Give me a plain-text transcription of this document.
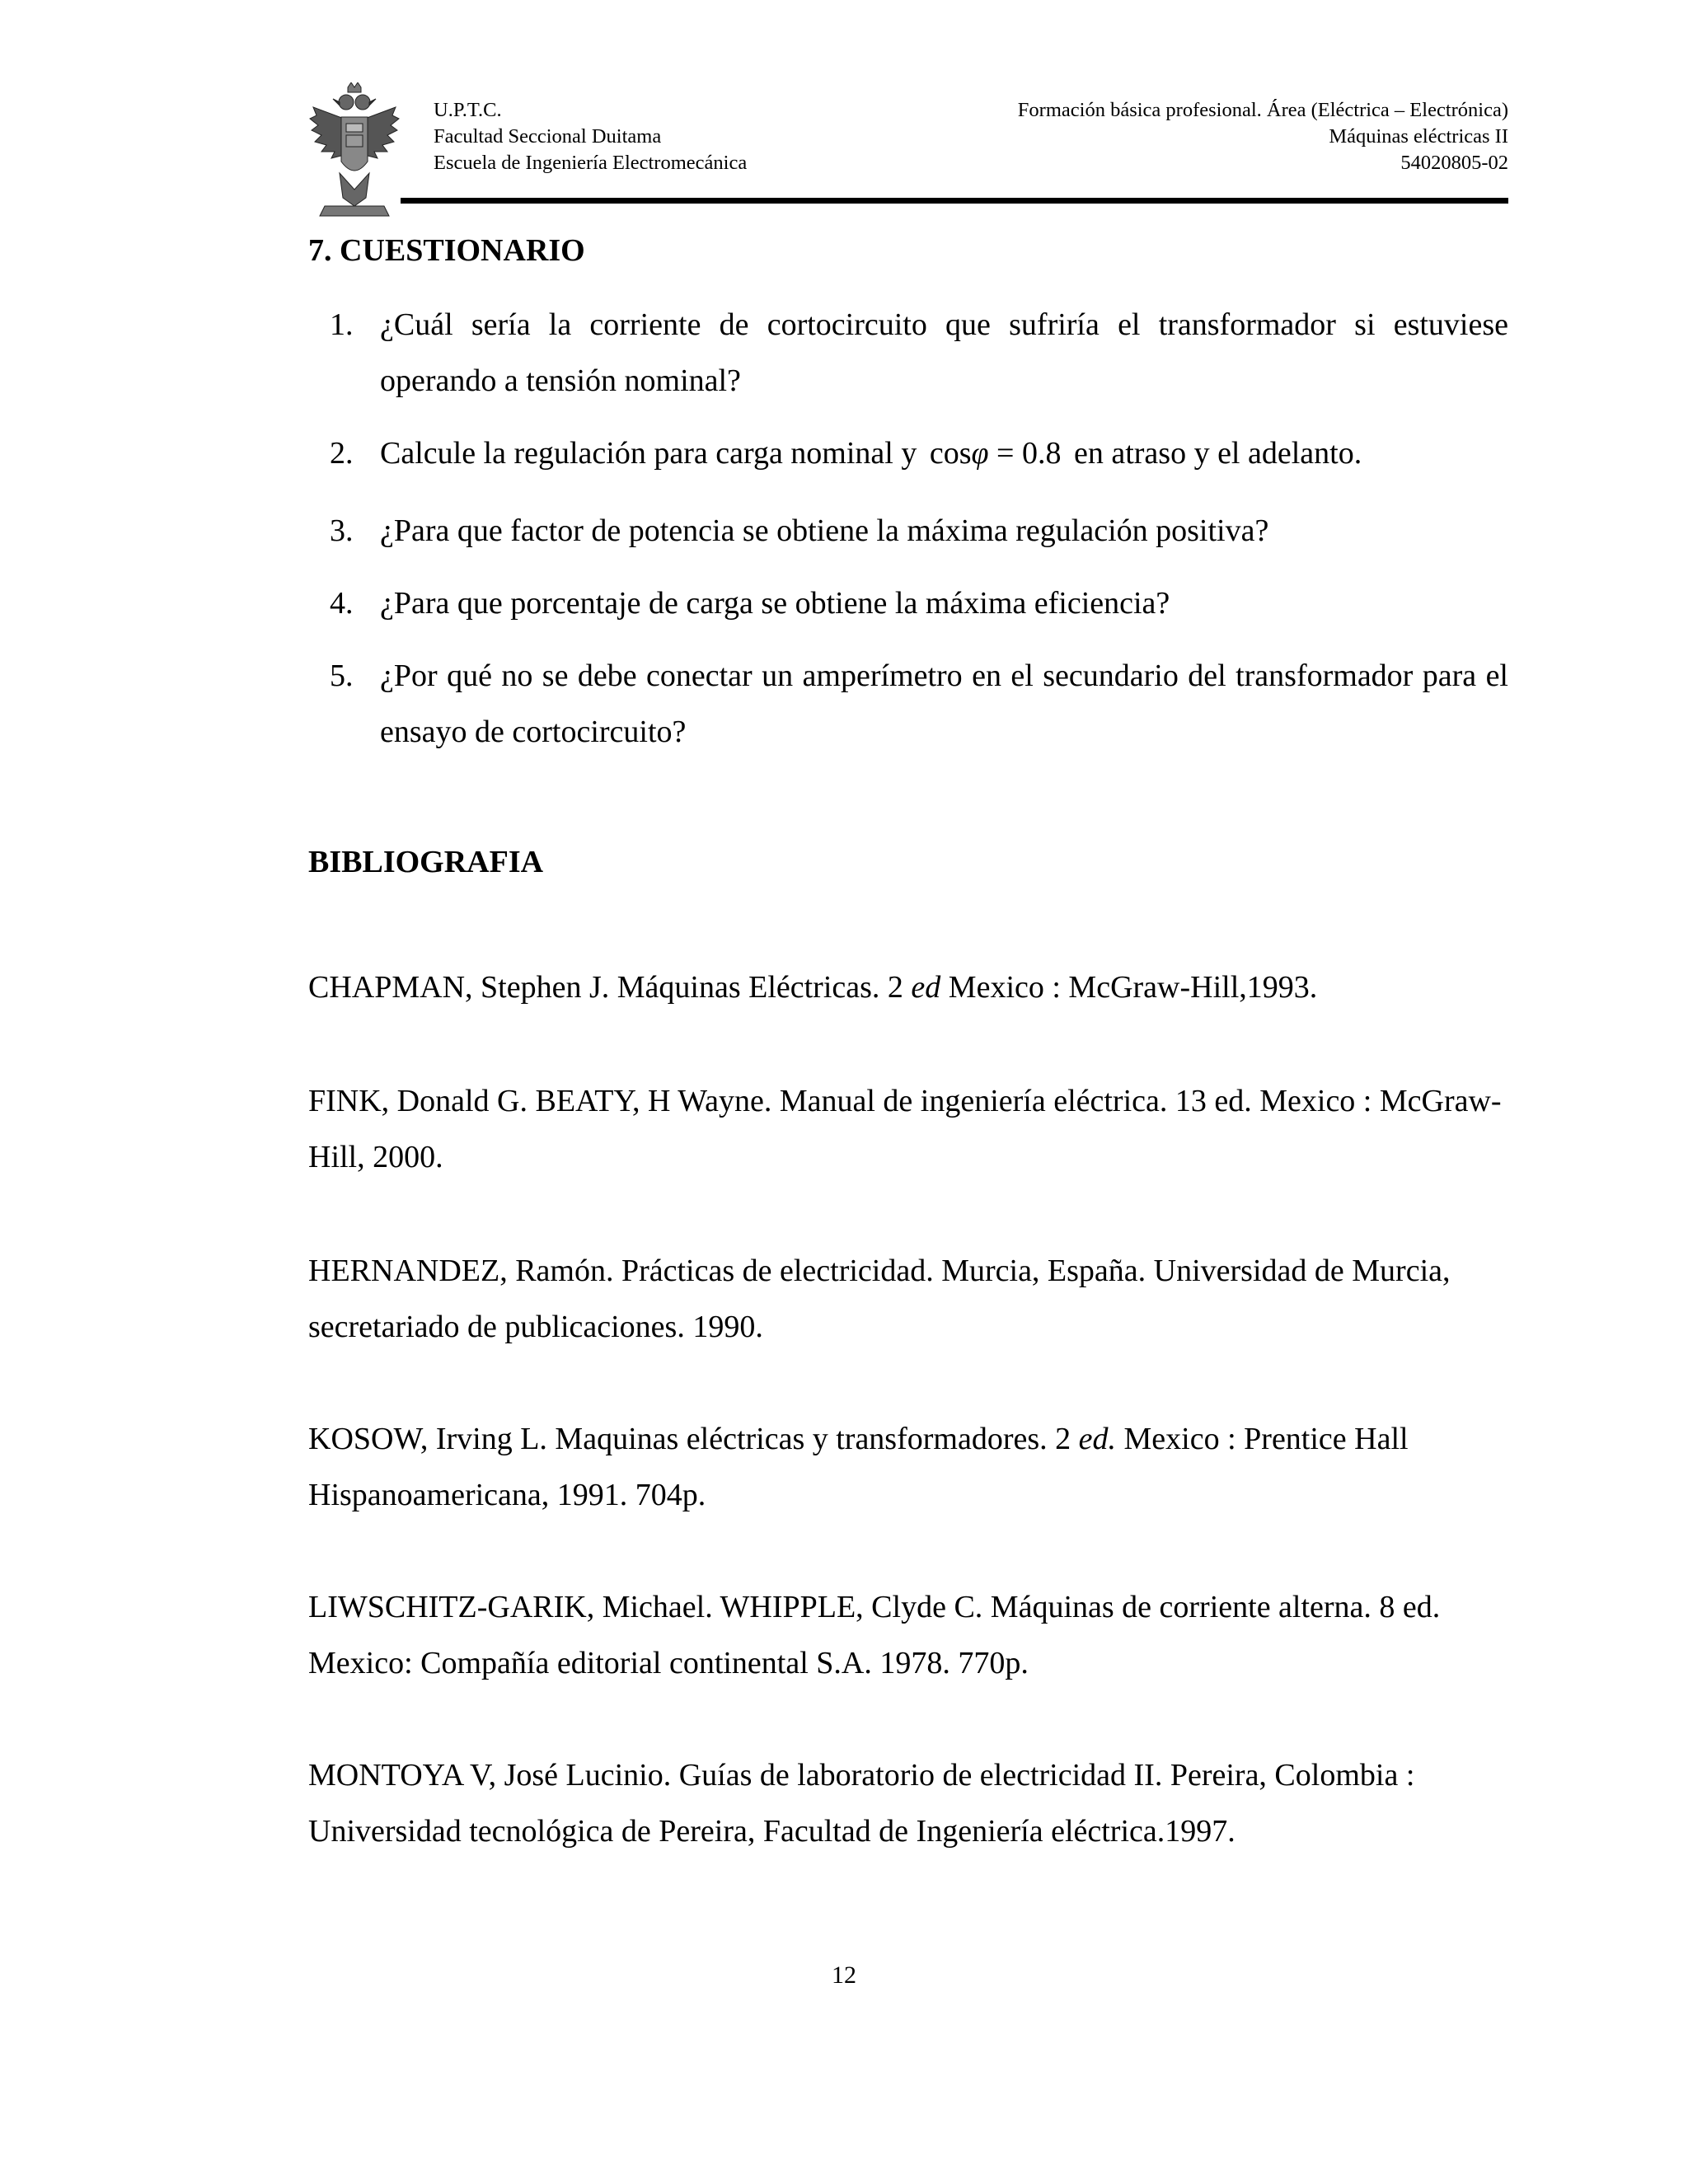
U.P.T.C.
Facultad Seccional Duitama
Escuela de Ingeniería Electromecánica
Formación básica profesional. Área (Eléctrica – Electrónica)
Máquinas eléctricas II
54020805-02
7. CUESTIONARIO
1. ¿Cuál sería la corriente de cortocircuito que sufriría el transformador si estuviese operando a tensión nominal?
2. Calcule la regulación para carga nominal y cosφ = 0.8 en atraso y el adelanto.
3. ¿Para que factor de potencia se obtiene la máxima regulación positiva?
4. ¿Para que porcentaje de carga se obtiene la máxima eficiencia?
5. ¿Por qué no se debe conectar un amperímetro en el secundario del transformador para el ensayo de cortocircuito?
BIBLIOGRAFIA
CHAPMAN, Stephen J. Máquinas Eléctricas. 2 ed Mexico : McGraw-Hill,1993.
FINK, Donald G. BEATY, H Wayne. Manual de ingeniería eléctrica. 13 ed. Mexico : McGraw-Hill, 2000.
HERNANDEZ, Ramón. Prácticas de electricidad. Murcia, España. Universidad de Murcia, secretariado de publicaciones. 1990.
KOSOW, Irving L. Maquinas eléctricas y transformadores. 2 ed. Mexico : Prentice Hall Hispanoamericana, 1991. 704p.
LIWSCHITZ-GARIK, Michael. WHIPPLE, Clyde C. Máquinas de corriente alterna. 8 ed. Mexico: Compañía editorial continental S.A. 1978. 770p.
MONTOYA V, José Lucinio. Guías de laboratorio de electricidad II. Pereira, Colombia : Universidad tecnológica de Pereira, Facultad de Ingeniería eléctrica.1997.
12
